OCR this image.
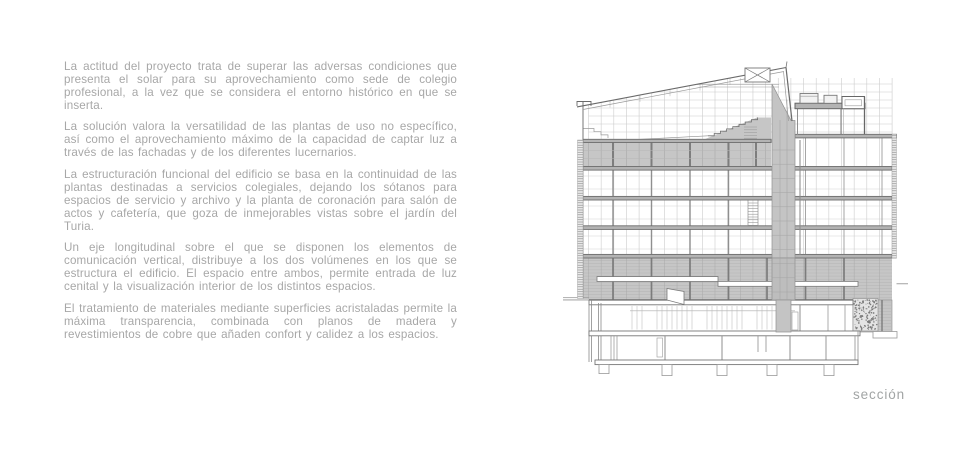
La actitud del proyecto trata de superar las adversas condiciones que presenta el solar para su aprovechamiento como sede de colegio profesional, a la vez que se considera el entorno histórico en que se inserta.

La solución valora la versatilidad de las plantas de uso no específico, así como el aprovechamiento máximo de la capacidad de captar luz a través de las fachadas y de los diferentes lucernarios.

La estructuración funcional del edificio se basa en la continuidad de las plantas destinadas a servicios colegiales, dejando los sótanos para espacios de servicio y archivo y la planta de coronación para salón de actos y cafetería, que goza de inmejorables vistas sobre el jardín del Turia.

Un eje longitudinal sobre el que se disponen los elementos de comunicación vertical, distribuye a los dos volúmenes en los que se estructura el edificio. El espacio entre ambos, permite entrada de luz cenital y la visualización interior de los distintos espacios.

El tratamiento de materiales mediante superficies acristaladas permite la máxima transparencia, combinada con planos de madera y revestimientos de cobre que añaden confort y calidez a los espacios.

sección
